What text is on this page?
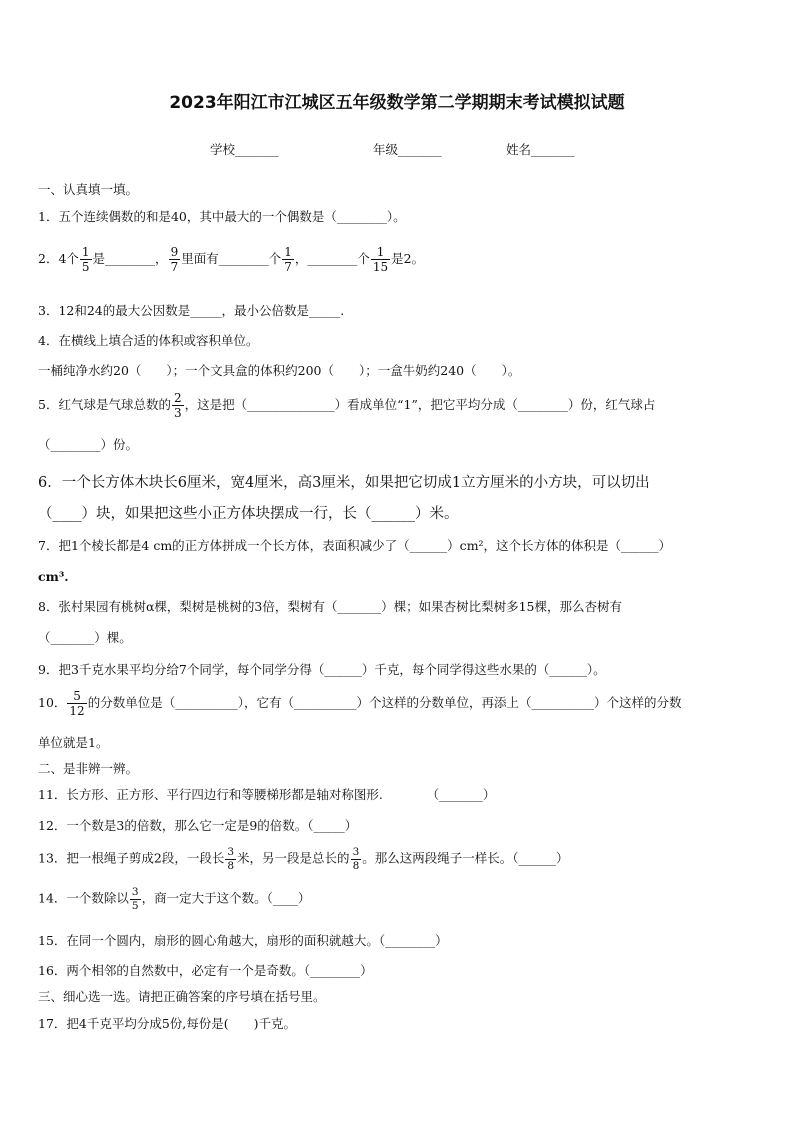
2023年阳江市江城区五年级数学第二学期期末考试模拟试题
学校_______	年级_______	姓名_______
一、认真填一填。
1．五个连续偶数的和是40，其中最大的一个偶数是（________）。
2．4个 $\frac{1}{5}$ 是________， $\frac{9}{7}$ 里面有________个 $\frac{1}{7}$ ，________个 $\frac{1}{15}$ 是2。
3．12和24的最大公因数是_____，最小公倍数是_____.
4．在横线上填合适的体积或容积单位。
一桶纯净水约20（　　）；一个文具盒的体积约200（　　）；一盒牛奶约240（　　）。
5．红气球是气球总数的 $\frac{2}{3}$ ，这是把（______________）看成单位“1”，把它平均分成（________）份，红气球占
（________）份。
6．一个长方体木块长6厘米，宽4厘米，高3厘米，如果把它切成1立方厘米的小方块，可以切出
（____）块，如果把这些小正方体块摆成一行，长（______）米。
7．把1个棱长都是4 cm的正方体拼成一个长方体，表面积减少了（______）cm²，这个长方体的体积是（______）
cm³.
8．张村果园有桃树α棵，梨树是桃树的3倍，梨树有（_______）棵；如果杏树比梨树多15棵，那么杏树有
（_______）棵。
9．把3千克水果平均分给7个同学，每个同学分得（______）千克，每个同学得这些水果的（______）。
10． $\frac{5}{12}$ 的分数单位是（__________），它有（__________）个这样的分数单位，再添上（__________）个这样的分数
单位就是1。
二、是非辨一辨。
11．长方形、正方形、平行四边行和等腰梯形都是轴对称图形.　　　　（_______）
12．一个数是3的倍数，那么它一定是9的倍数。（_____）
13．把一根绳子剪成2段，一段长 $\frac{3}{8}$ 米，另一段是总长的 $\frac{3}{8}$ 。那么这两段绳子一样长。（______）
14．一个数除以 $\frac{3}{5}$ ，商一定大于这个数。（____）
15．在同一个圆内，扇形的圆心角越大，扇形的面积就越大。（________）
16．两个相邻的自然数中，必定有一个是奇数。（________）
三、细心选一选。请把正确答案的序号填在括号里。
17．把4千克平均分成5份,每份是(　　)千克。
